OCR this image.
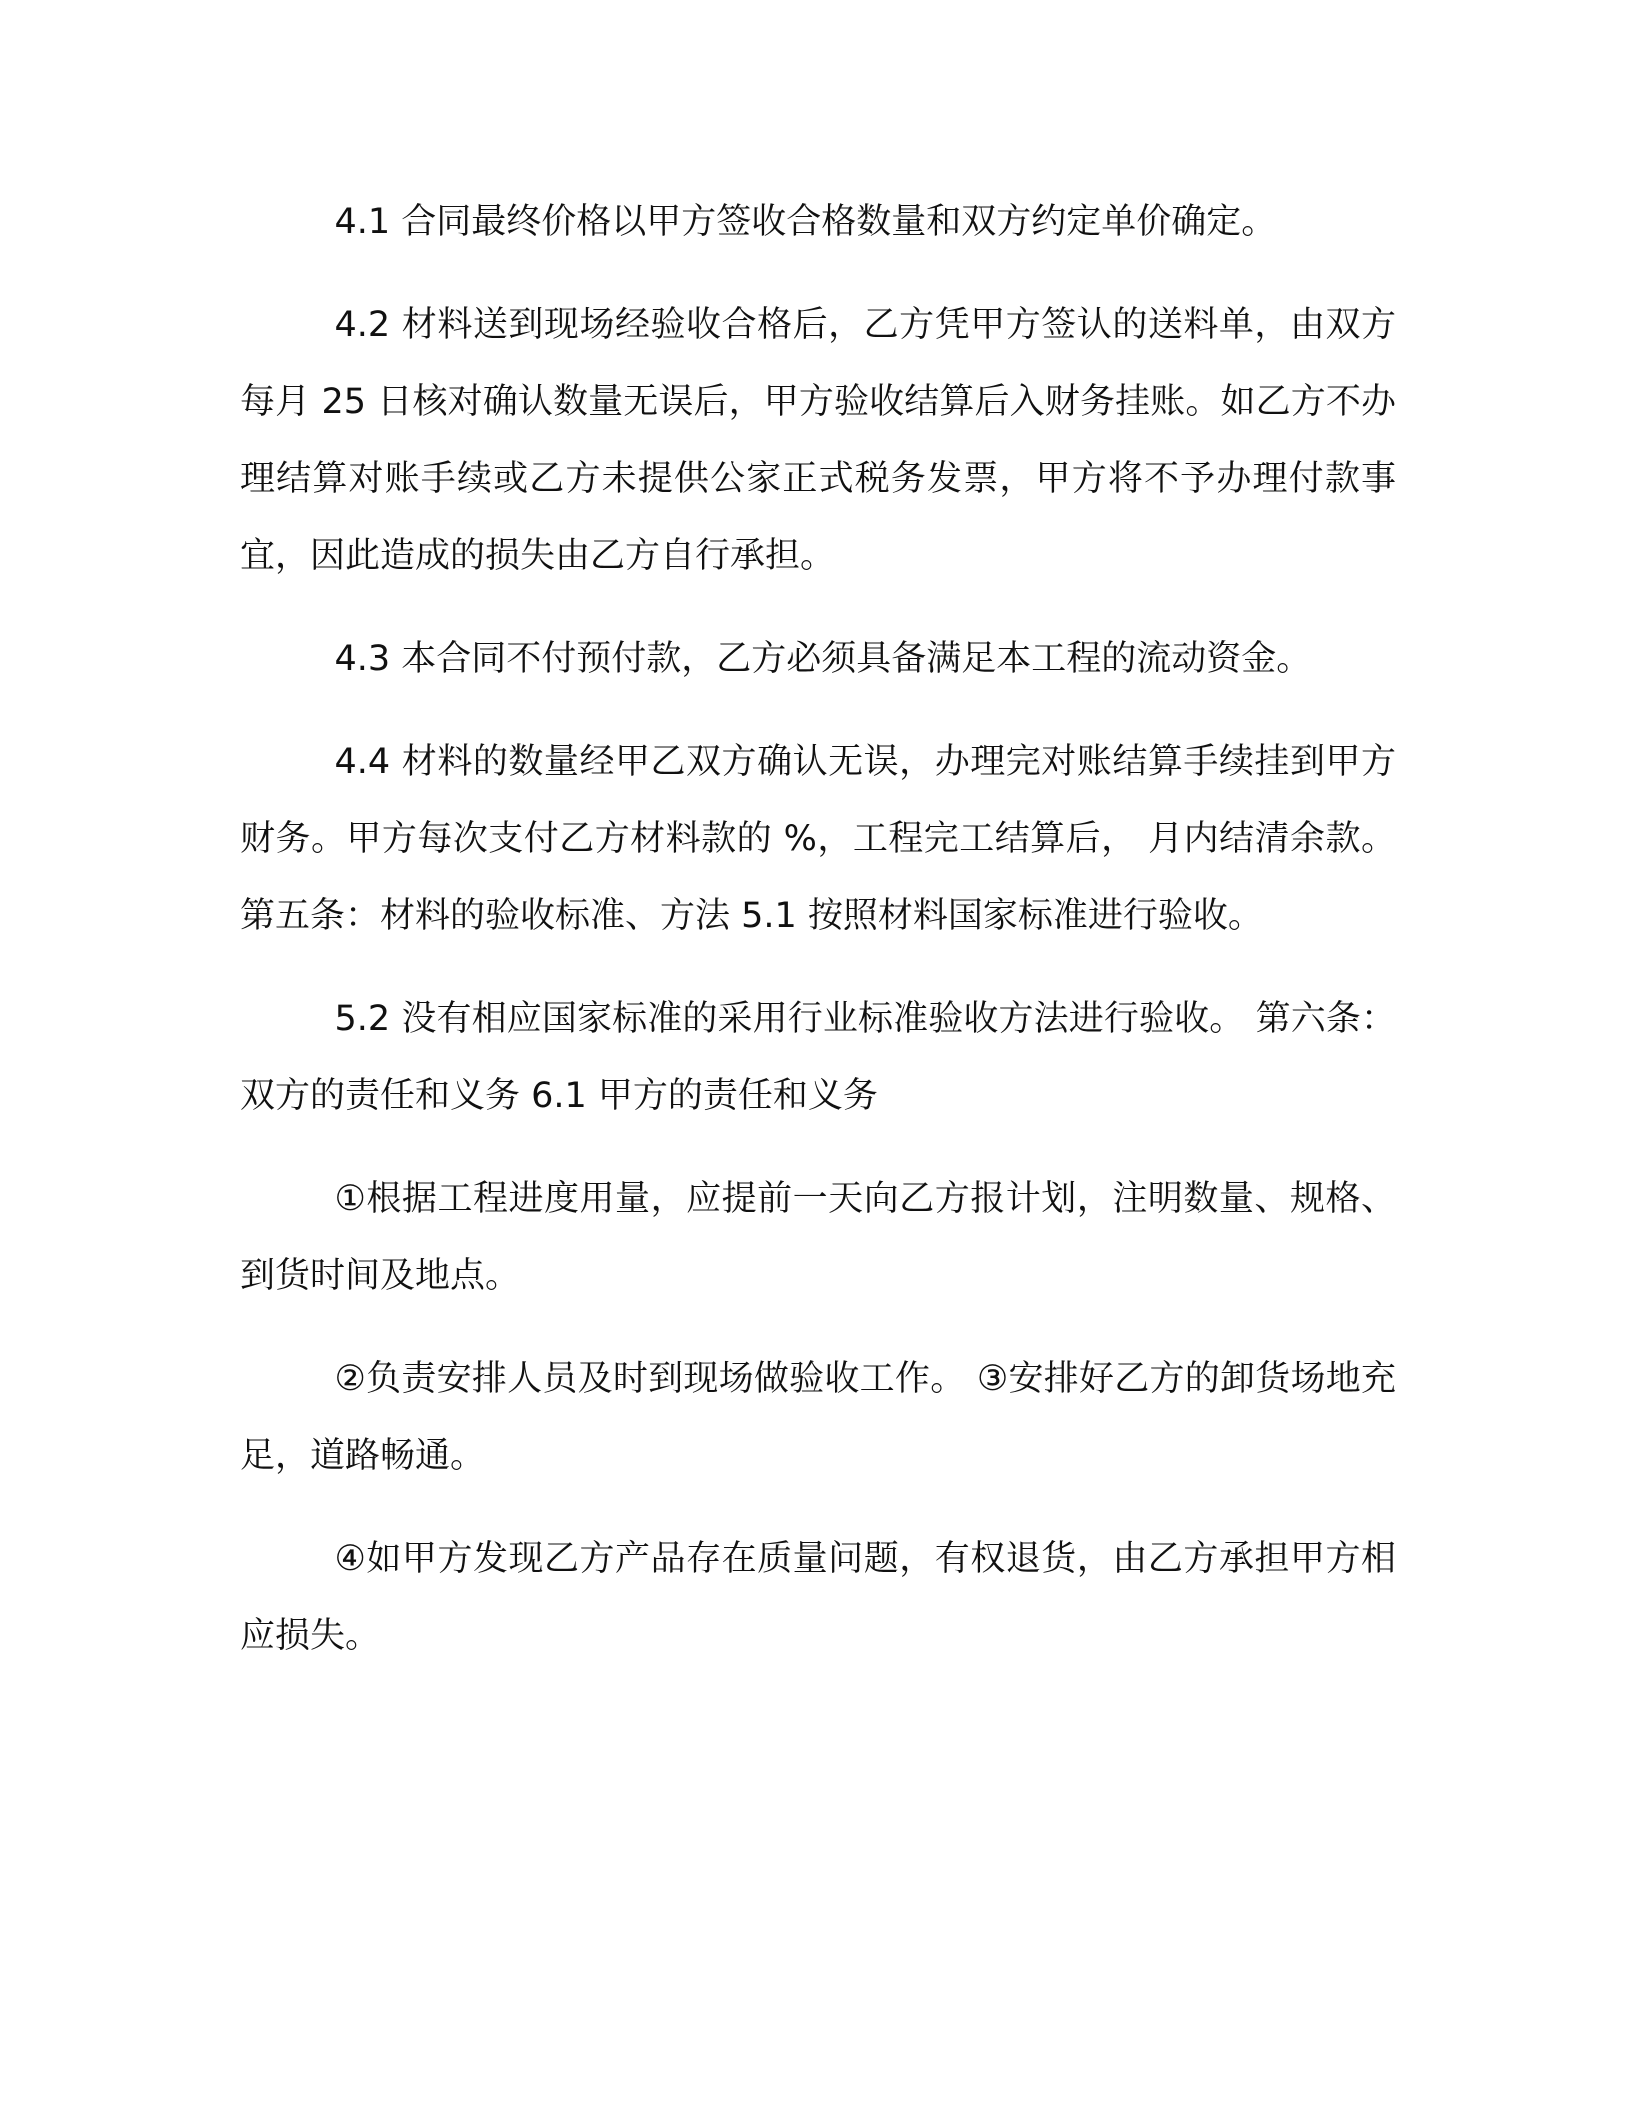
4.1 合同最终价格以甲方签收合格数量和双方约定单价确定。

4.2 材料送到现场经验收合格后，乙方凭甲方签认的送料单，由双方每月 25 日核对确认数量无误后，甲方验收结算后入财务挂账。如乙方不办理结算对账手续或乙方未提供公家正式税务发票，甲方将不予办理付款事宜，因此造成的损失由乙方自行承担。

4.3 本合同不付预付款，乙方必须具备满足本工程的流动资金。

4.4 材料的数量经甲乙双方确认无误，办理完对账结算手续挂到甲方财务。甲方每次支付乙方材料款的 %，工程完工结算后， 月内结清余款。 第五条：材料的验收标准、方法 5.1 按照材料国家标准进行验收。

5.2 没有相应国家标准的采用行业标准验收方法进行验收。 第六条：双方的责任和义务 6.1 甲方的责任和义务

①根据工程进度用量，应提前一天向乙方报计划，注明数量、规格、到货时间及地点。

②负责安排人员及时到现场做验收工作。 ③安排好乙方的卸货场地充足，道路畅通。

④如甲方发现乙方产品存在质量问题，有权退货，由乙方承担甲方相应损失。
